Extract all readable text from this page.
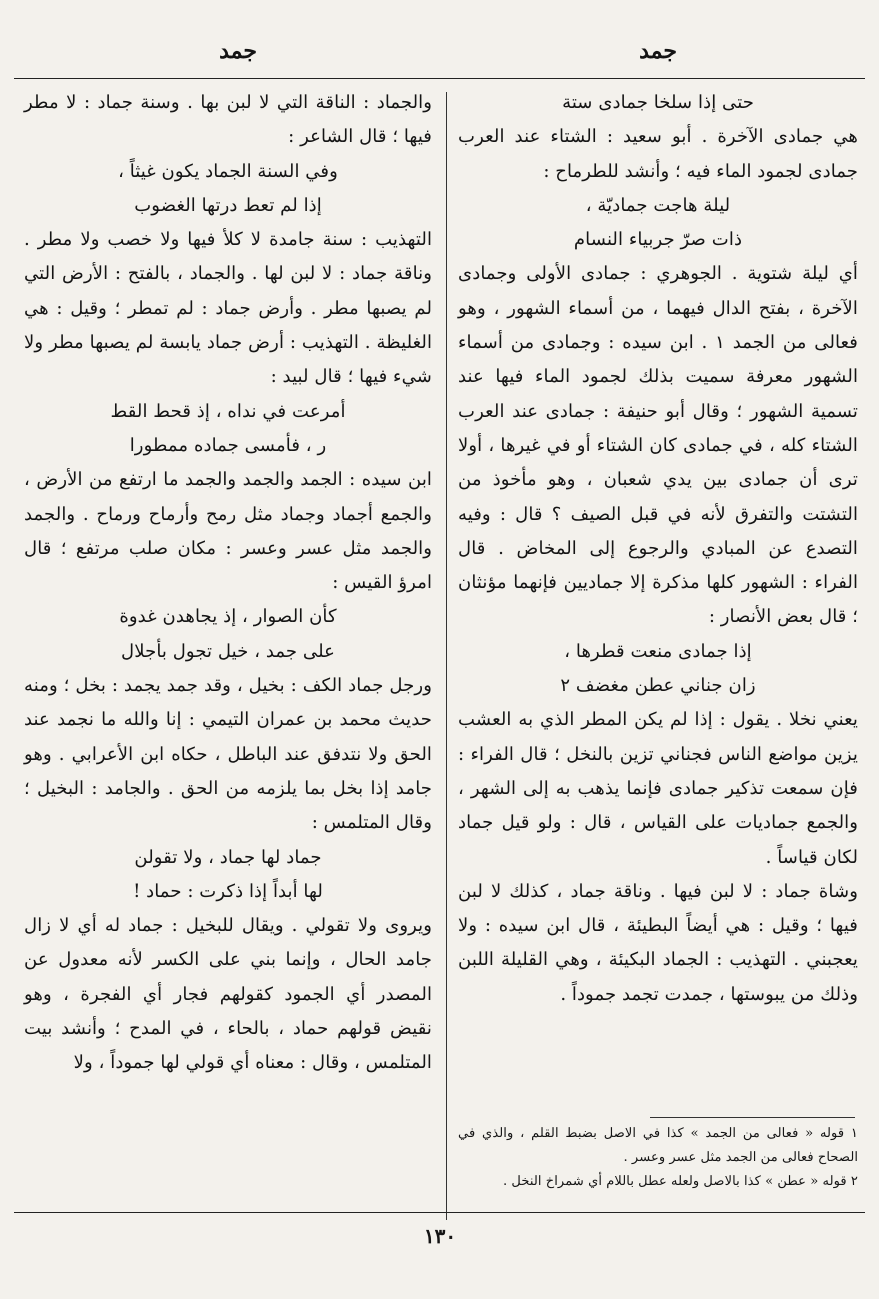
جمد
جمد

حتى إذا سلخا جمادى ستة

هي جمادى الآخرة . أبو سعيد : الشتاء عند العرب جمادى لجمود الماء فيه ؛ وأنشد للطرماح :

ليلة هاجت جماديّة ،

ذات صرّ جربياء النسام

أي ليلة شتوية . الجوهري : جمادى الأولى وجمادى الآخرة ، بفتح الدال فيهما ، من أسماء الشهور ، وهو فعالى من الجمد ١ . ابن سيده : وجمادى من أسماء الشهور معرفة سميت بذلك لجمود الماء فيها عند تسمية الشهور ؛ وقال أبو حنيفة : جمادى عند العرب الشتاء كله ، في جمادى كان الشتاء أو في غيرها ، أولا ترى أن جمادى بين يدي شعبان ، وهو مأخوذ من التشتت والتفرق لأنه في قبل الصيف ؟ قال : وفيه التصدع عن المبادي والرجوع إلى المخاض . قال الفراء : الشهور كلها مذكرة إلا جماديين فإنهما مؤنثان ؛ قال بعض الأنصار :

إذا جمادى منعت قطرها ،

زان جناني عطن مغضف ٢

يعني نخلا . يقول : إذا لم يكن المطر الذي به العشب يزين مواضع الناس فجناني تزين بالنخل ؛ قال الفراء : فإن سمعت تذكير جمادى فإنما يذهب به إلى الشهر ، والجمع جماديات على القياس ، قال : ولو قيل جماد لكان قياساً .

وشاة جماد : لا لبن فيها . وناقة جماد ، كذلك لا لبن فيها ؛ وقيل : هي أيضاً البطيئة ، قال ابن سيده : ولا يعجبني . التهذيب : الجماد البكيئة ، وهي القليلة اللبن وذلك من يبوستها ، جمدت تجمد جموداً .

والجماد : الناقة التي لا لبن بها . وسنة جماد : لا مطر فيها ؛ قال الشاعر :

وفي السنة الجماد يكون غيثاً ،

إذا لم تعط درتها الغضوب

التهذيب : سنة جامدة لا كلأ فيها ولا خصب ولا مطر . وناقة جماد : لا لبن لها . والجماد ، بالفتح : الأرض التي لم يصبها مطر . وأرض جماد : لم تمطر ؛ وقيل : هي الغليظة . التهذيب : أرض جماد يابسة لم يصبها مطر ولا شيء فيها ؛ قال لبيد :

أمرعت في نداه ، إذ قحط القط

ر ، فأمسى جماده ممطورا

ابن سيده : الجمد والجمد والجمد ما ارتفع من الأرض ، والجمع أجماد وجماد مثل رمح وأرماح ورماح . والجمد والجمد مثل عسر وعسر : مكان صلب مرتفع ؛ قال امرؤ القيس :

كأن الصوار ، إذ يجاهدن غدوة

على جمد ، خيل تجول بأجلال

ورجل جماد الكف : بخيل ، وقد جمد يجمد : بخل ؛ ومنه حديث محمد بن عمران التيمي : إنا والله ما نجمد عند الحق ولا نتدفق عند الباطل ، حكاه ابن الأعرابي . وهو جامد إذا بخل بما يلزمه من الحق . والجامد : البخيل ؛ وقال المتلمس :

جماد لها جماد ، ولا تقولن

لها أبداً إذا ذكرت : حماد !

ويروى ولا تقولي . ويقال للبخيل : جماد له أي لا زال جامد الحال ، وإنما بني على الكسر لأنه معدول عن المصدر أي الجمود كقولهم فجار أي الفجرة ، وهو نقيض قولهم حماد ، بالحاء ، في المدح ؛ وأنشد بيت المتلمس ، وقال : معناه أي قولي لها جموداً ، ولا

١ قوله « فعالى من الجمد » كذا في الاصل بضبط القلم ، والذي في الصحاح فعالى من الجمد مثل عسر وعسر .

٢ قوله « عطن » كذا بالاصل ولعله عطل باللام أي شمراخ النخل .

١٣٠
